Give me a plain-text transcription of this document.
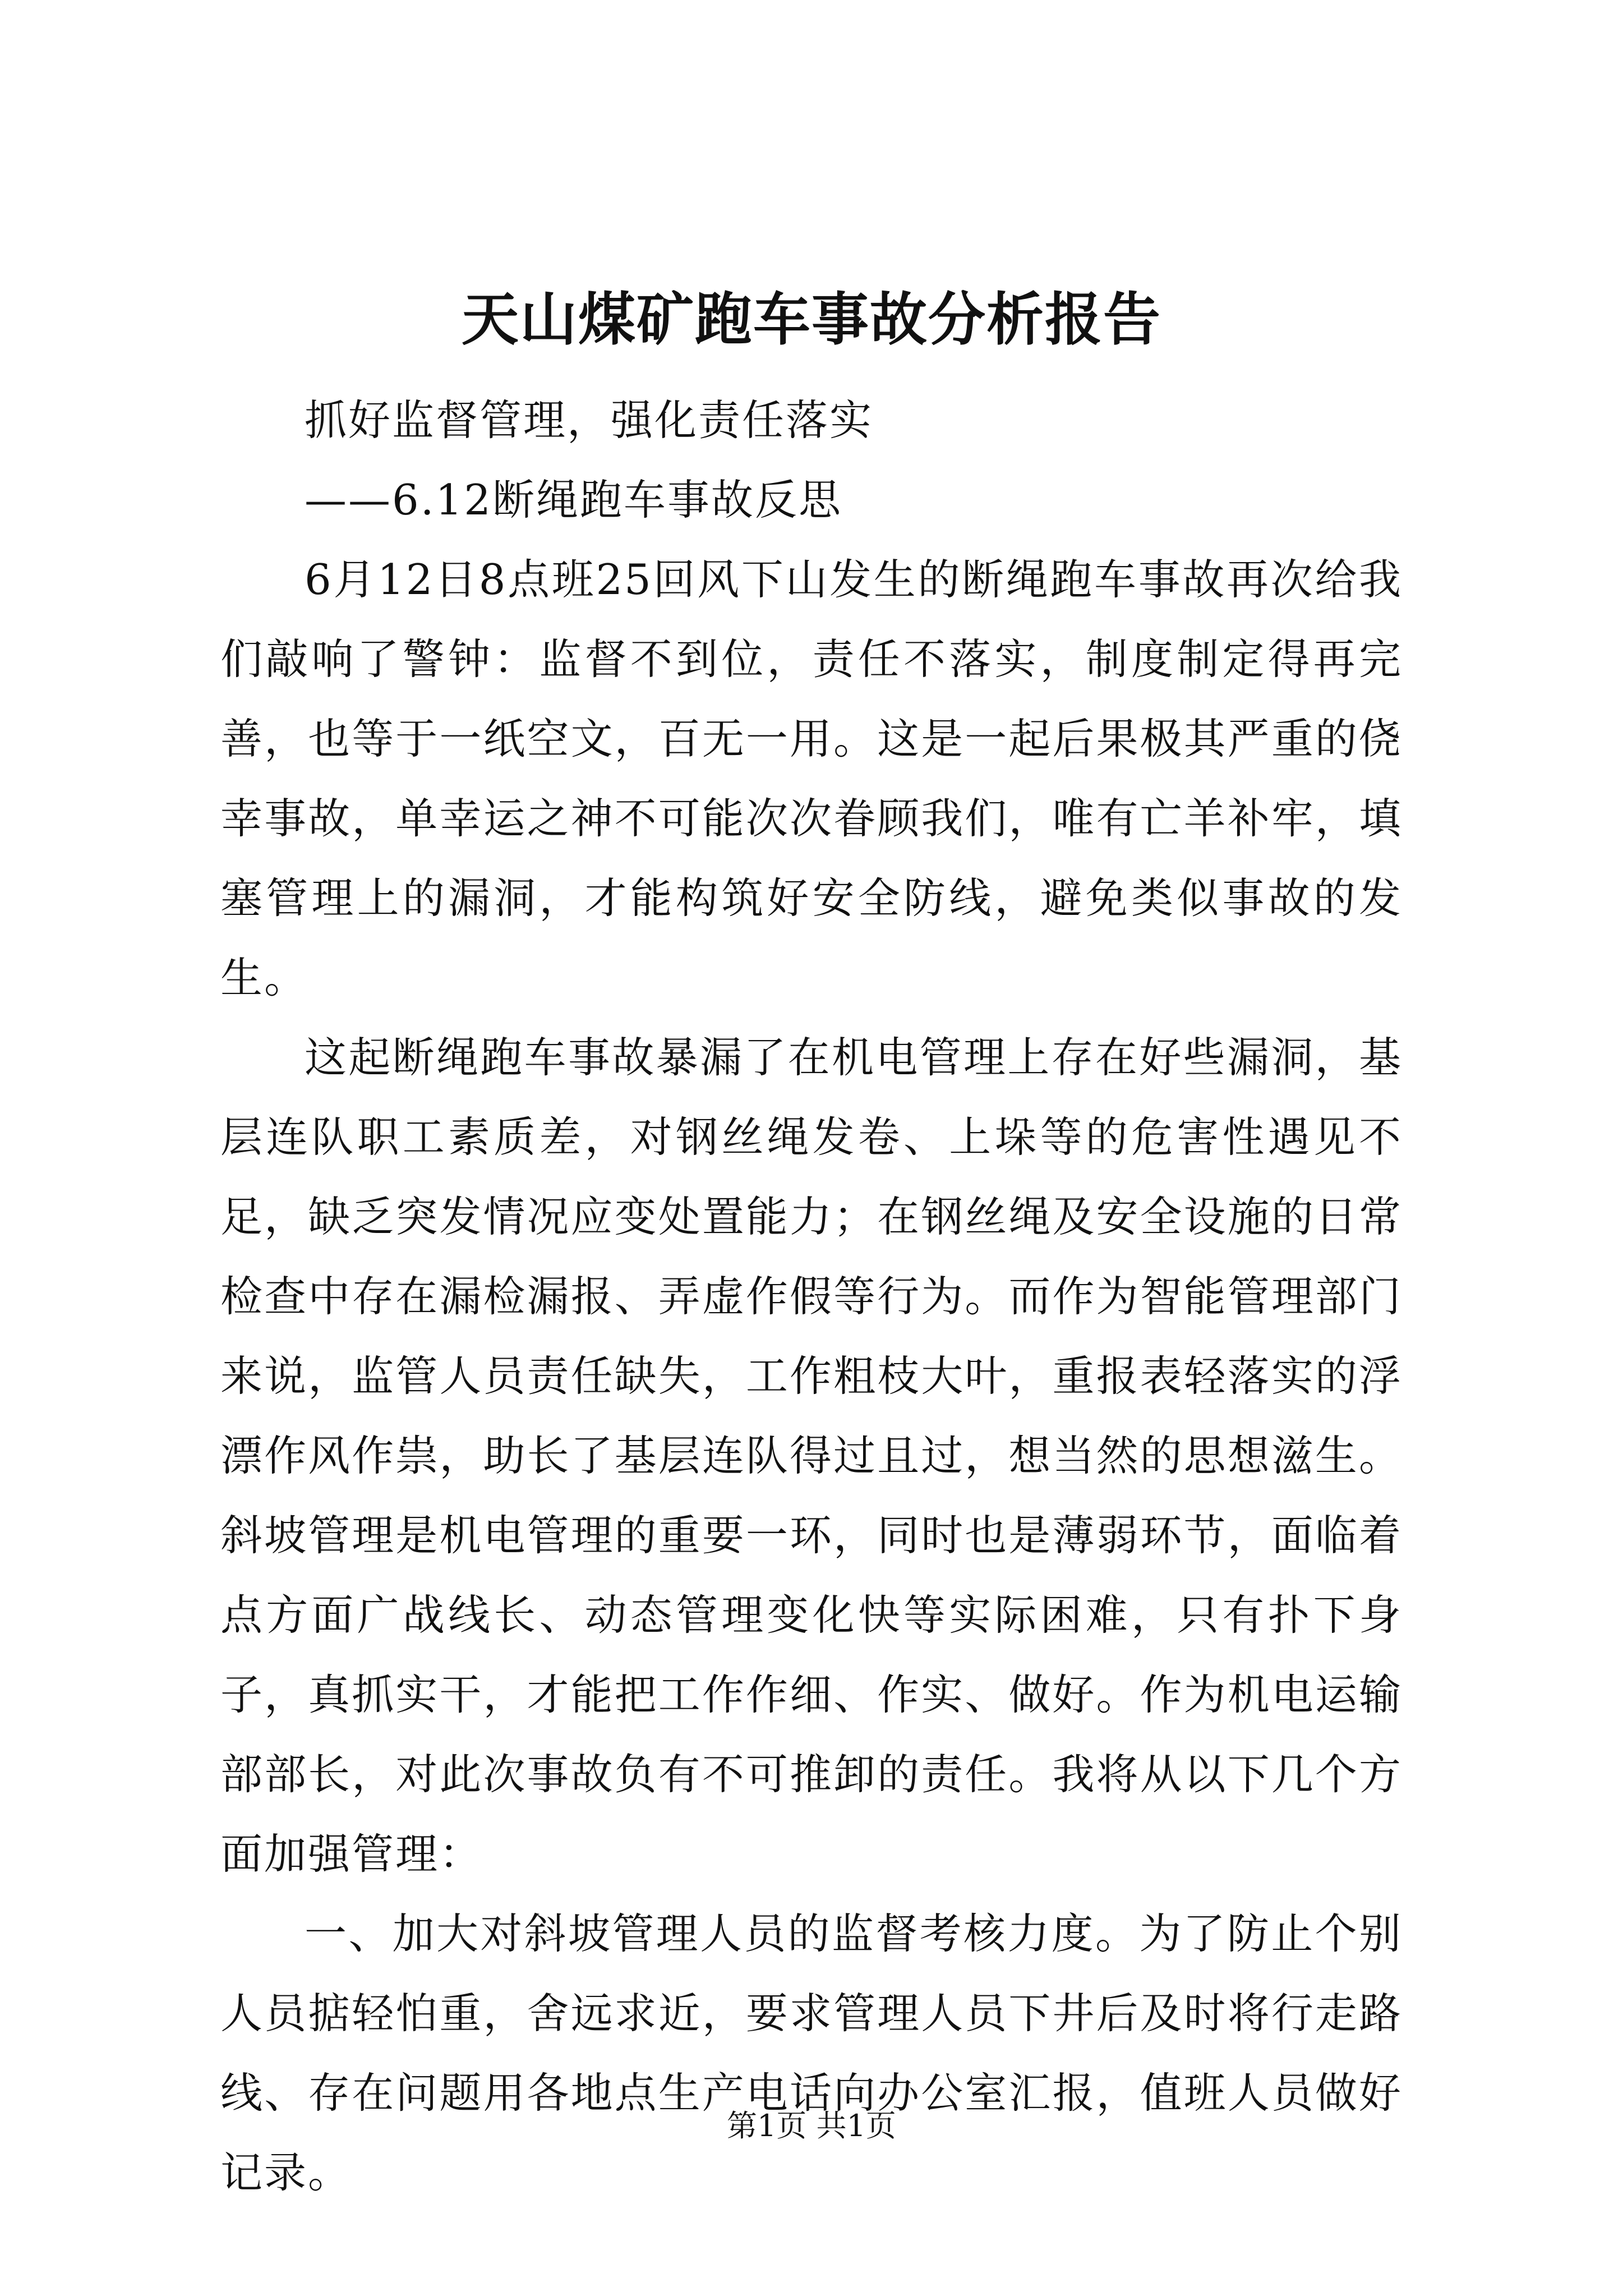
天山煤矿跑车事故分析报告

抓好监督管理，强化责任落实

——6.12断绳跑车事故反思

6月12日8点班25回风下山发生的断绳跑车事故再次给我们敲响了警钟：监督不到位，责任不落实，制度制定得再完善，也等于一纸空文，百无一用。这是一起后果极其严重的侥幸事故，单幸运之神不可能次次眷顾我们，唯有亡羊补牢，填塞管理上的漏洞，才能构筑好安全防线，避免类似事故的发生。

这起断绳跑车事故暴漏了在机电管理上存在好些漏洞，基层连队职工素质差，对钢丝绳发卷、上垛等的危害性遇见不足，缺乏突发情况应变处置能力；在钢丝绳及安全设施的日常检查中存在漏检漏报、弄虚作假等行为。而作为智能管理部门来说，监管人员责任缺失，工作粗枝大叶，重报表轻落实的浮漂作风作祟，助长了基层连队得过且过，想当然的思想滋生。斜坡管理是机电管理的重要一环，同时也是薄弱环节，面临着点方面广战线长、动态管理变化快等实际困难，只有扑下身子，真抓实干，才能把工作作细、作实、做好。作为机电运输部部长，对此次事故负有不可推卸的责任。我将从以下几个方面加强管理：

一、加大对斜坡管理人员的监督考核力度。为了防止个别人员掂轻怕重，舍远求近，要求管理人员下井后及时将行走路线、存在问题用各地点生产电话向办公室汇报，值班人员做好记录。

第1页 共1页
